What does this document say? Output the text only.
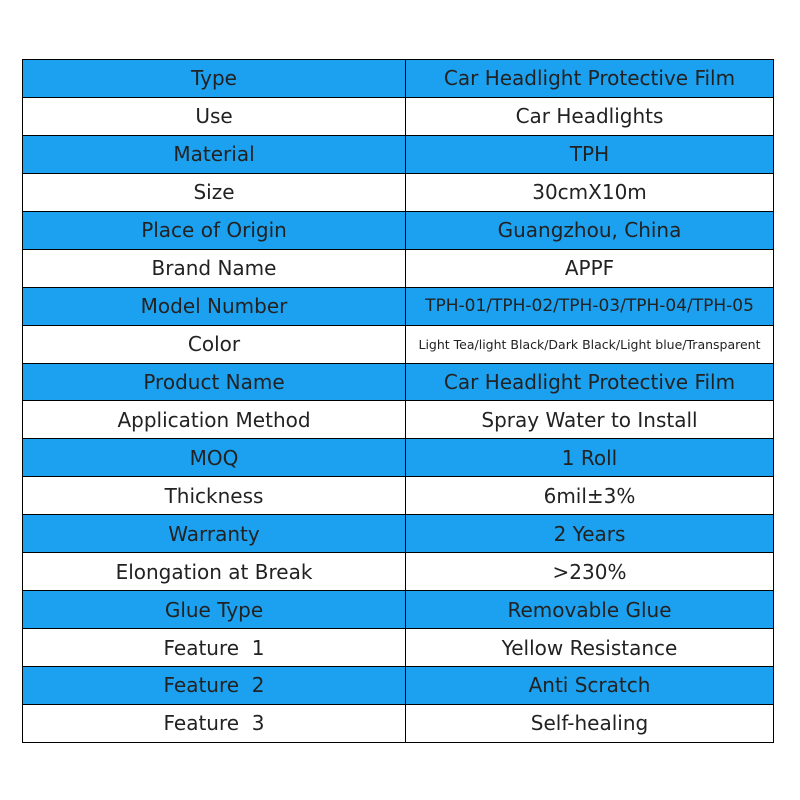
Type	Car Headlight Protective Film
Use	Car Headlights
Material	TPH
Size	30cmX10m
Place of Origin	Guangzhou, China
Brand Name	APPF
Model Number	TPH-01/TPH-02/TPH-03/TPH-04/TPH-05
Color	Light Tea/light Black/Dark Black/Light blue/Transparent
Product Name	Car Headlight Protective Film
Application Method	Spray Water to Install
MOQ	1 Roll
Thickness	6mil±3%
Warranty	2 Years
Elongation at Break	>230%
Glue Type	Removable Glue
Feature  1	Yellow Resistance
Feature  2	Anti Scratch
Feature  3	Self-healing
